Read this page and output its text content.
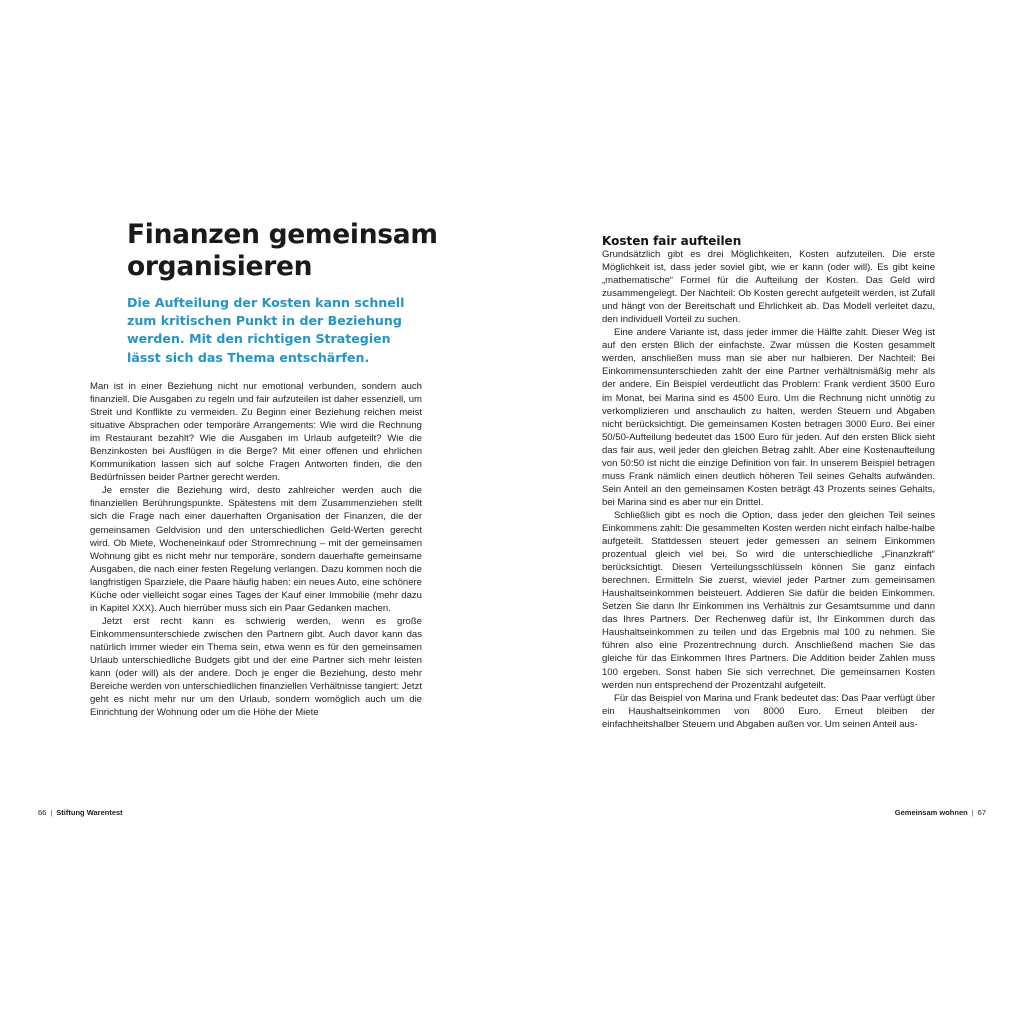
Finanzen gemeinsam organisieren

Die Aufteilung der Kosten kann schnell zum kritischen Punkt in der Beziehung werden. Mit den richtigen Strategien lässt sich das Thema entschärfen.

Man ist in einer Beziehung nicht nur emotional verbunden, sondern auch finanziell. Die Ausgaben zu regeln und fair aufzuteilen ist daher essenziell, um Streit und Konflikte zu vermeiden. Zu Beginn einer Beziehung reichen meist situative Absprachen oder temporäre Arrangements: Wie wird die Rechnung im Restaurant bezahlt? Wie die Ausgaben im Urlaub aufgeteilt? Wie die Benzinkosten bei Ausflügen in die Berge? Mit einer offenen und ehrlichen Kommunikation lassen sich auf solche Fragen Antworten finden, die den Bedürfnissen beider Partner gerecht werden.

Je ernster die Beziehung wird, desto zahlreicher werden auch die finanziellen Berührungspunkte. Spätestens mit dem Zusammenziehen stellt sich die Frage nach einer dauerhaften Organisation der Finanzen, die der gemeinsamen Geldvision und den unterschiedlichen Geld-Werten gerecht wird. Ob Miete, Wocheneinkauf oder Stromrechnung – mit der gemeinsamen Wohnung gibt es nicht mehr nur temporäre, sondern dauerhafte gemeinsame Ausgaben, die nach einer festen Regelung verlangen. Dazu kommen noch die langfristigen Sparziele, die Paare häufig haben: ein neues Auto, eine schönere Küche oder vielleicht sogar eines Tages der Kauf einer Immobilie (mehr dazu in Kapitel XXX). Auch hierrüber muss sich ein Paar Gedanken machen.

Jetzt erst recht kann es schwierig werden, wenn es große Einkommensunterschiede zwischen den Partnern gibt. Auch davor kann das natürlich immer wieder ein Thema sein, etwa wenn es für den gemeinsamen Urlaub unterschiedliche Budgets gibt und der eine Partner sich mehr leisten kann (oder will) als der andere. Doch je enger die Beziehung, desto mehr Bereiche werden von unterschiedlichen finanziellen Verhältnisse tangiert: Jetzt geht es nicht mehr nur um den Urlaub, sondern womöglich auch um die Einrichtung der Wohnung oder um die Höhe der Miete

66 | Stiftung Warentest
Kosten fair aufteilen

Grundsätzlich gibt es drei Möglichkeiten, Kosten aufzuteilen. Die erste Möglichkeit ist, dass jeder soviel gibt, wie er kann (oder will). Es gibt keine „mathematische“ Formel für die Aufteilung der Kosten. Das Geld wird zusammengelegt. Der Nachteil: Ob Kosten gerecht aufgeteilt werden, ist Zufall und hängt von der Bereitschaft und Ehrlichkeit ab. Das Modell verleitet dazu, den individuell Vorteil zu suchen.

Eine andere Variante ist, dass jeder immer die Hälfte zahlt. Dieser Weg ist auf den ersten Blich der einfachste. Zwar müssen die Kosten gesammelt werden, anschließen muss man sie aber nur halbieren. Der Nachteil: Bei Einkommensunterschieden zahlt der eine Partner verhältnismäßig mehr als der andere. Ein Beispiel verdeutlicht das Problem: Frank verdient 3500 Euro im Monat, bei Marina sind es 4500 Euro. Um die Rechnung nicht unnötig zu verkomplizieren und anschaulich zu halten, werden Steuern und Abgaben nicht berücksichtigt. Die gemeinsamen Kosten betragen 3000 Euro. Bei einer 50/50-Aufteilung bedeutet das 1500 Euro für jeden. Auf den ersten Blick sieht das fair aus, weil jeder den gleichen Betrag zahlt. Aber eine Kostenaufteilung von 50:50 ist nicht die einzige Definition von fair. In unserem Beispiel betragen muss Frank nämlich einen deutlich höheren Teil seines Gehalts aufwänden. Sein Anteil an den gemeinsamen Kosten beträgt 43 Prozents seines Gehalts, bei Marina sind es aber nur ein Drittel.

Schließlich gibt es noch die Option, dass jeder den gleichen Teil seines Einkommens zahlt: Die gesammelten Kosten werden nicht einfach halbe-halbe aufgeteilt. Stattdessen steuert jeder gemessen an seinem Einkommen prozentual gleich viel bei. So wird die unterschiedliche „Finanzkraft“ berücksichtigt. Diesen Verteilungsschlüsseln können Sie ganz einfach berechnen. Ermitteln Sie zuerst, wieviel jeder Partner zum gemeinsamen Haushaltseinkommen beisteuert. Addieren Sie dafür die beiden Einkommen. Setzen Sie dann Ihr Einkommen ins Verhältnis zur Gesamtsumme und dann das Ihres Partners. Der Rechenweg dafür ist, Ihr Einkommen durch das Haushaltseinkommen zu teilen und das Ergebnis mal 100 zu nehmen. Sie führen also eine Prozentrechnung durch. Anschließend machen Sie das gleiche für das Einkommen Ihres Partners. Die Addition beider Zahlen muss 100 ergeben. Sonst haben Sie sich verrechnet. Die gemeinsamen Kosten werden nun entsprechend der Prozentzahl aufgeteilt.

Für das Beispiel von Marina und Frank bedeutet das: Das Paar verfügt über ein Haushaltseinkommen von 8000 Euro. Erneut bleiben der einfachheitshalber Steuern und Abgaben außen vor. Um seinen Anteil aus-

Gemeinsam wohnen | 67
